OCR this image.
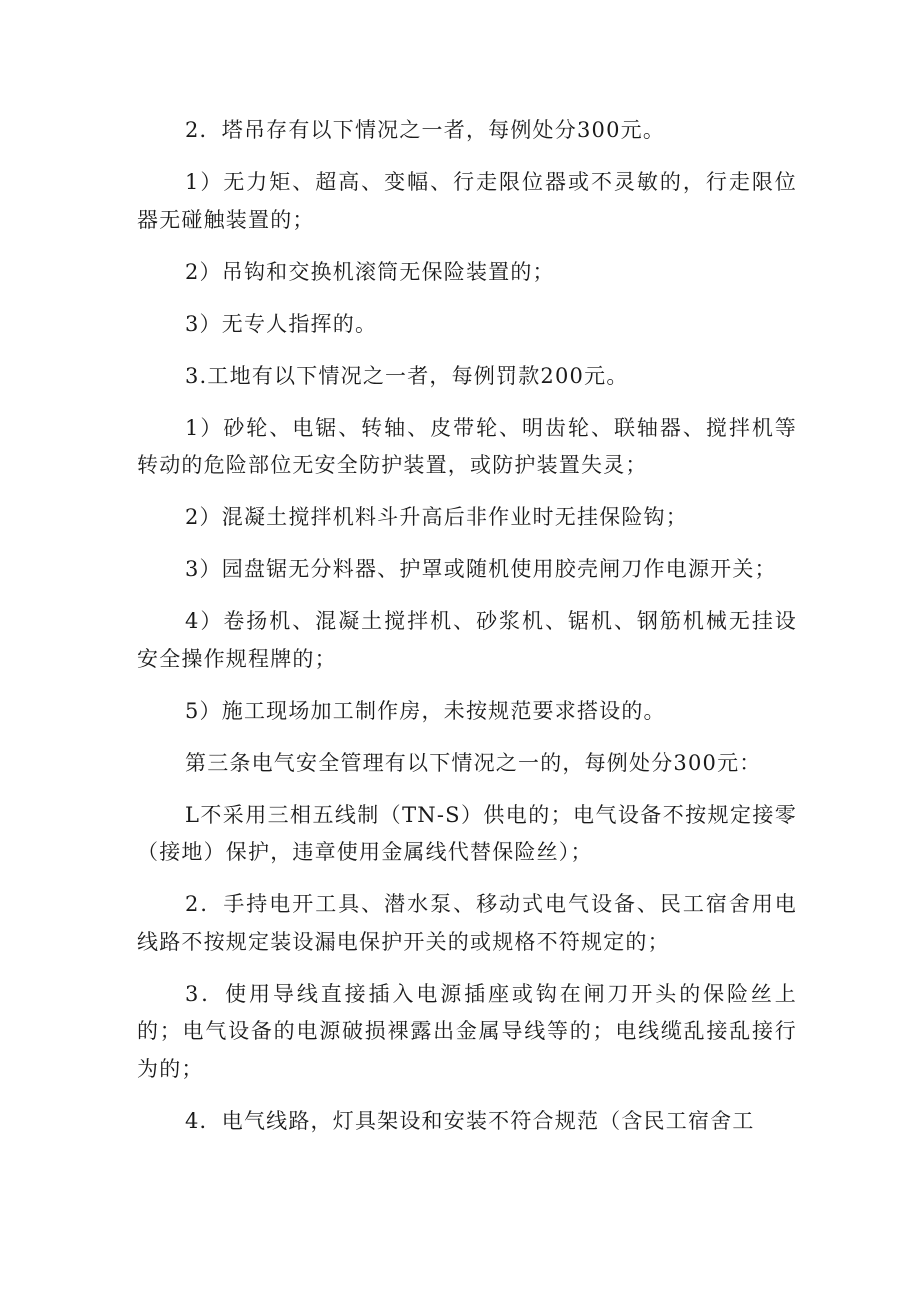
2．塔吊存有以下情况之一者，每例处分300元。

1）无力矩、超高、变幅、行走限位器或不灵敏的，行走限位器无碰触装置的；

2）吊钩和交换机滚筒无保险装置的；

3）无专人指挥的。

3.工地有以下情况之一者，每例罚款200元。

1）砂轮、电锯、转轴、皮带轮、明齿轮、联轴器、搅拌机等转动的危险部位无安全防护装置，或防护装置失灵；

2）混凝土搅拌机料斗升高后非作业时无挂保险钩；

3）园盘锯无分料器、护罩或随机使用胶壳闸刀作电源开关；

4）卷扬机、混凝土搅拌机、砂浆机、锯机、钢筋机械无挂设安全操作规程牌的；

5）施工现场加工制作房，未按规范要求搭设的。

第三条电气安全管理有以下情况之一的，每例处分300元：

L不采用三相五线制（TN-S）供电的；电气设备不按规定接零（接地）保护，违章使用金属线代替保险丝）；

2．手持电开工具、潜水泵、移动式电气设备、民工宿舍用电线路不按规定装设漏电保护开关的或规格不符规定的；

3．使用导线直接插入电源插座或钩在闸刀开头的保险丝上的；电气设备的电源破损裸露出金属导线等的；电线缆乱接乱接行为的；

4．电气线路，灯具架设和安装不符合规范（含民工宿舍工
